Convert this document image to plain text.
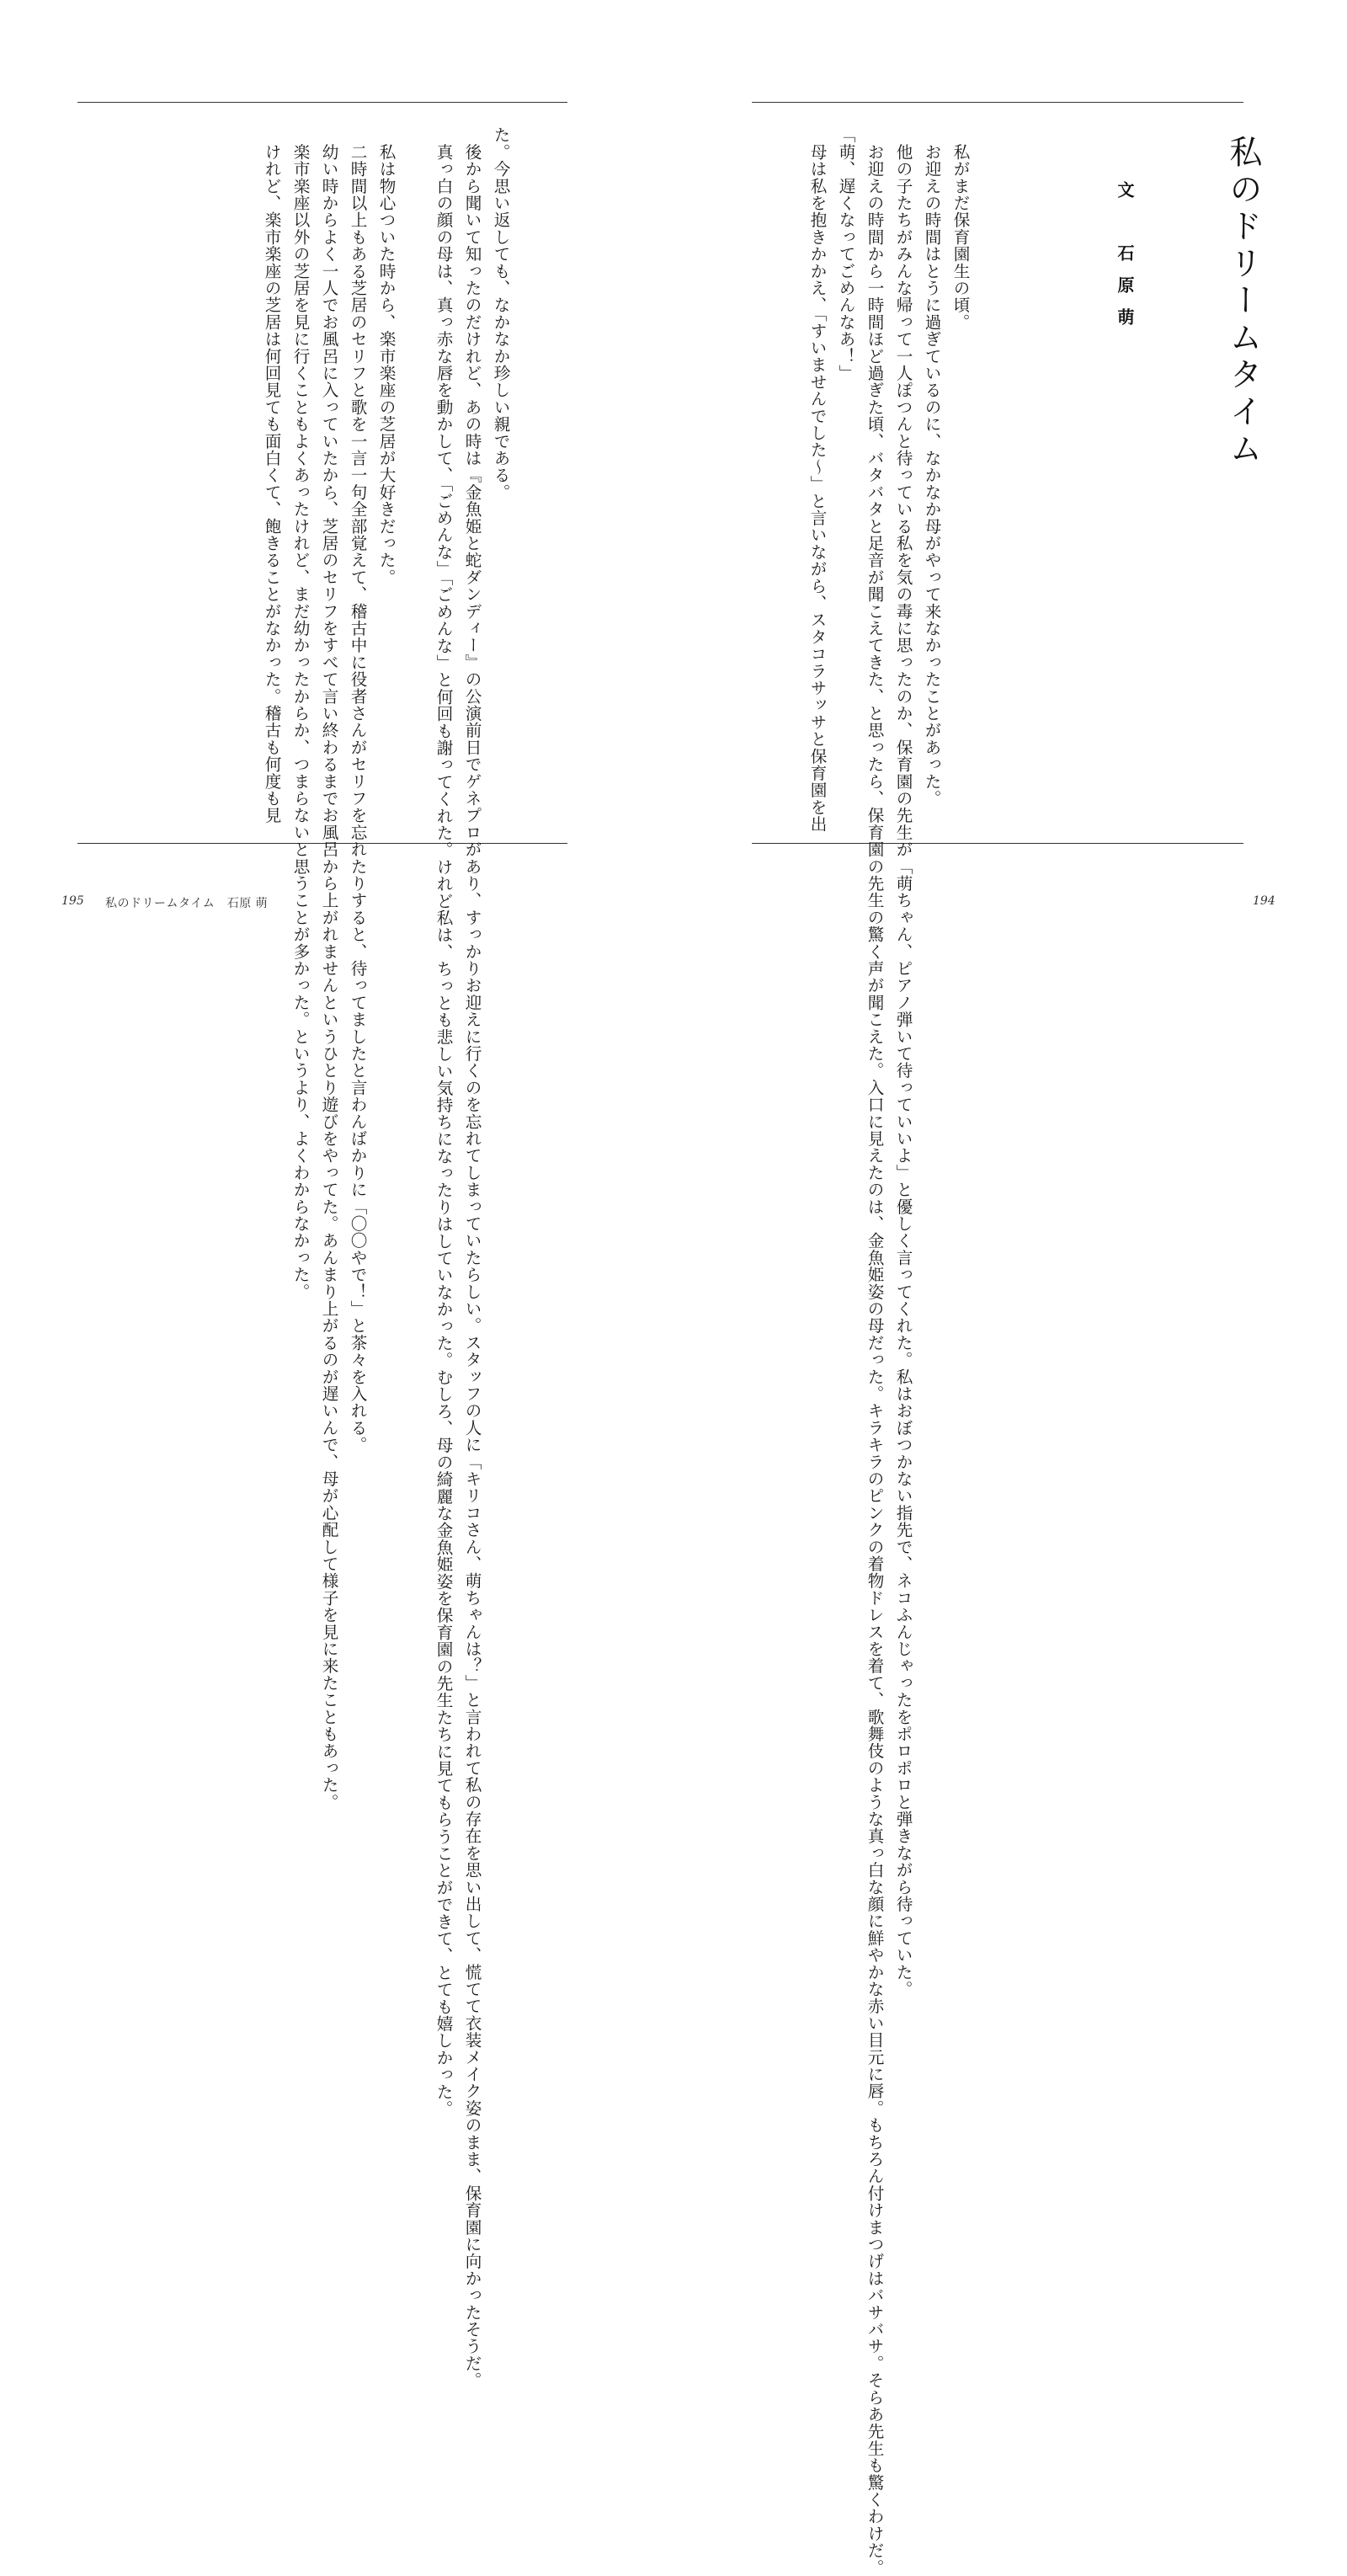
私のドリームタイム
文
石原萌

　私がまだ保育園生の頃。
　お迎えの時間はとうに過ぎているのに、なかなか母がやって来なかったことがあった。
　他の子たちがみんな帰って一人ぽつんと待っている私を気の毒に思ったのか、保育園の先生が「萌ちゃん、ピアノ弾いて待っていいよ」と優しく言ってくれた。私はおぼつかない指先で、ネコふんじゃったをポロポロと弾きながら待っていた。
　お迎えの時間から一時間ほど過ぎた頃、バタバタと足音が聞こえてきた、と思ったら、保育園の先生の驚く声が聞こえた。入口に見えたのは、金魚姫姿の母だった。キラキラのピンクの着物ドレスを着て、歌舞伎のような真っ白な顔に鮮やかな赤い目元に唇。もちろん付けまつげはバサバサ。そらあ先生も驚くわけだ。
「萌、遅くなってごめんなあ！」
　母は私を抱きかかえ、「すいませんでした〜」と言いながら、スタコラサッサと保育園を出

た。今思い返しても、なかなか珍しい親である。
　後から聞いて知ったのだけれど、あの時は『金魚姫と蛇ダンディー』の公演前日でゲネプロがあり、すっかりお迎えに行くのを忘れてしまっていたらしい。スタッフの人に「キリコさん、萌ちゃんは？」と言われて私の存在を思い出して、慌てて衣装メイク姿のまま、保育園に向かったそうだ。
　真っ白の顔の母は、真っ赤な唇を動かして、「ごめんな」「ごめんな」と何回も謝ってくれた。けれど私は、ちっとも悲しい気持ちになったりはしていなかった。むしろ、母の綺麗な金魚姫姿を保育園の先生たちに見てもらうことができて、とても嬉しかった。

　私は物心ついた時から、楽市楽座の芝居が大好きだった。
　二時間以上もある芝居のセリフと歌を一言一句全部覚えて、稽古中に役者さんがセリフを忘れたりすると、待ってましたと言わんばかりに「〇〇やで！」と茶々を入れる。
　幼い時からよく一人でお風呂に入っていたから、芝居のセリフをすべて言い終わるまでお風呂から上がれませんというひとり遊びをやってた。あんまり上がるのが遅いんで、母が心配して様子を見に来たこともあった。
　楽市楽座以外の芝居を見に行くこともよくあったけれど、まだ幼かったからか、つまらないと思うことが多かった。というより、よくわからなかった。
　けれど、楽市楽座の芝居は何回見ても面白くて、飽きることがなかった。稽古も何度も見

195 私のドリームタイム　石原 萌	194
